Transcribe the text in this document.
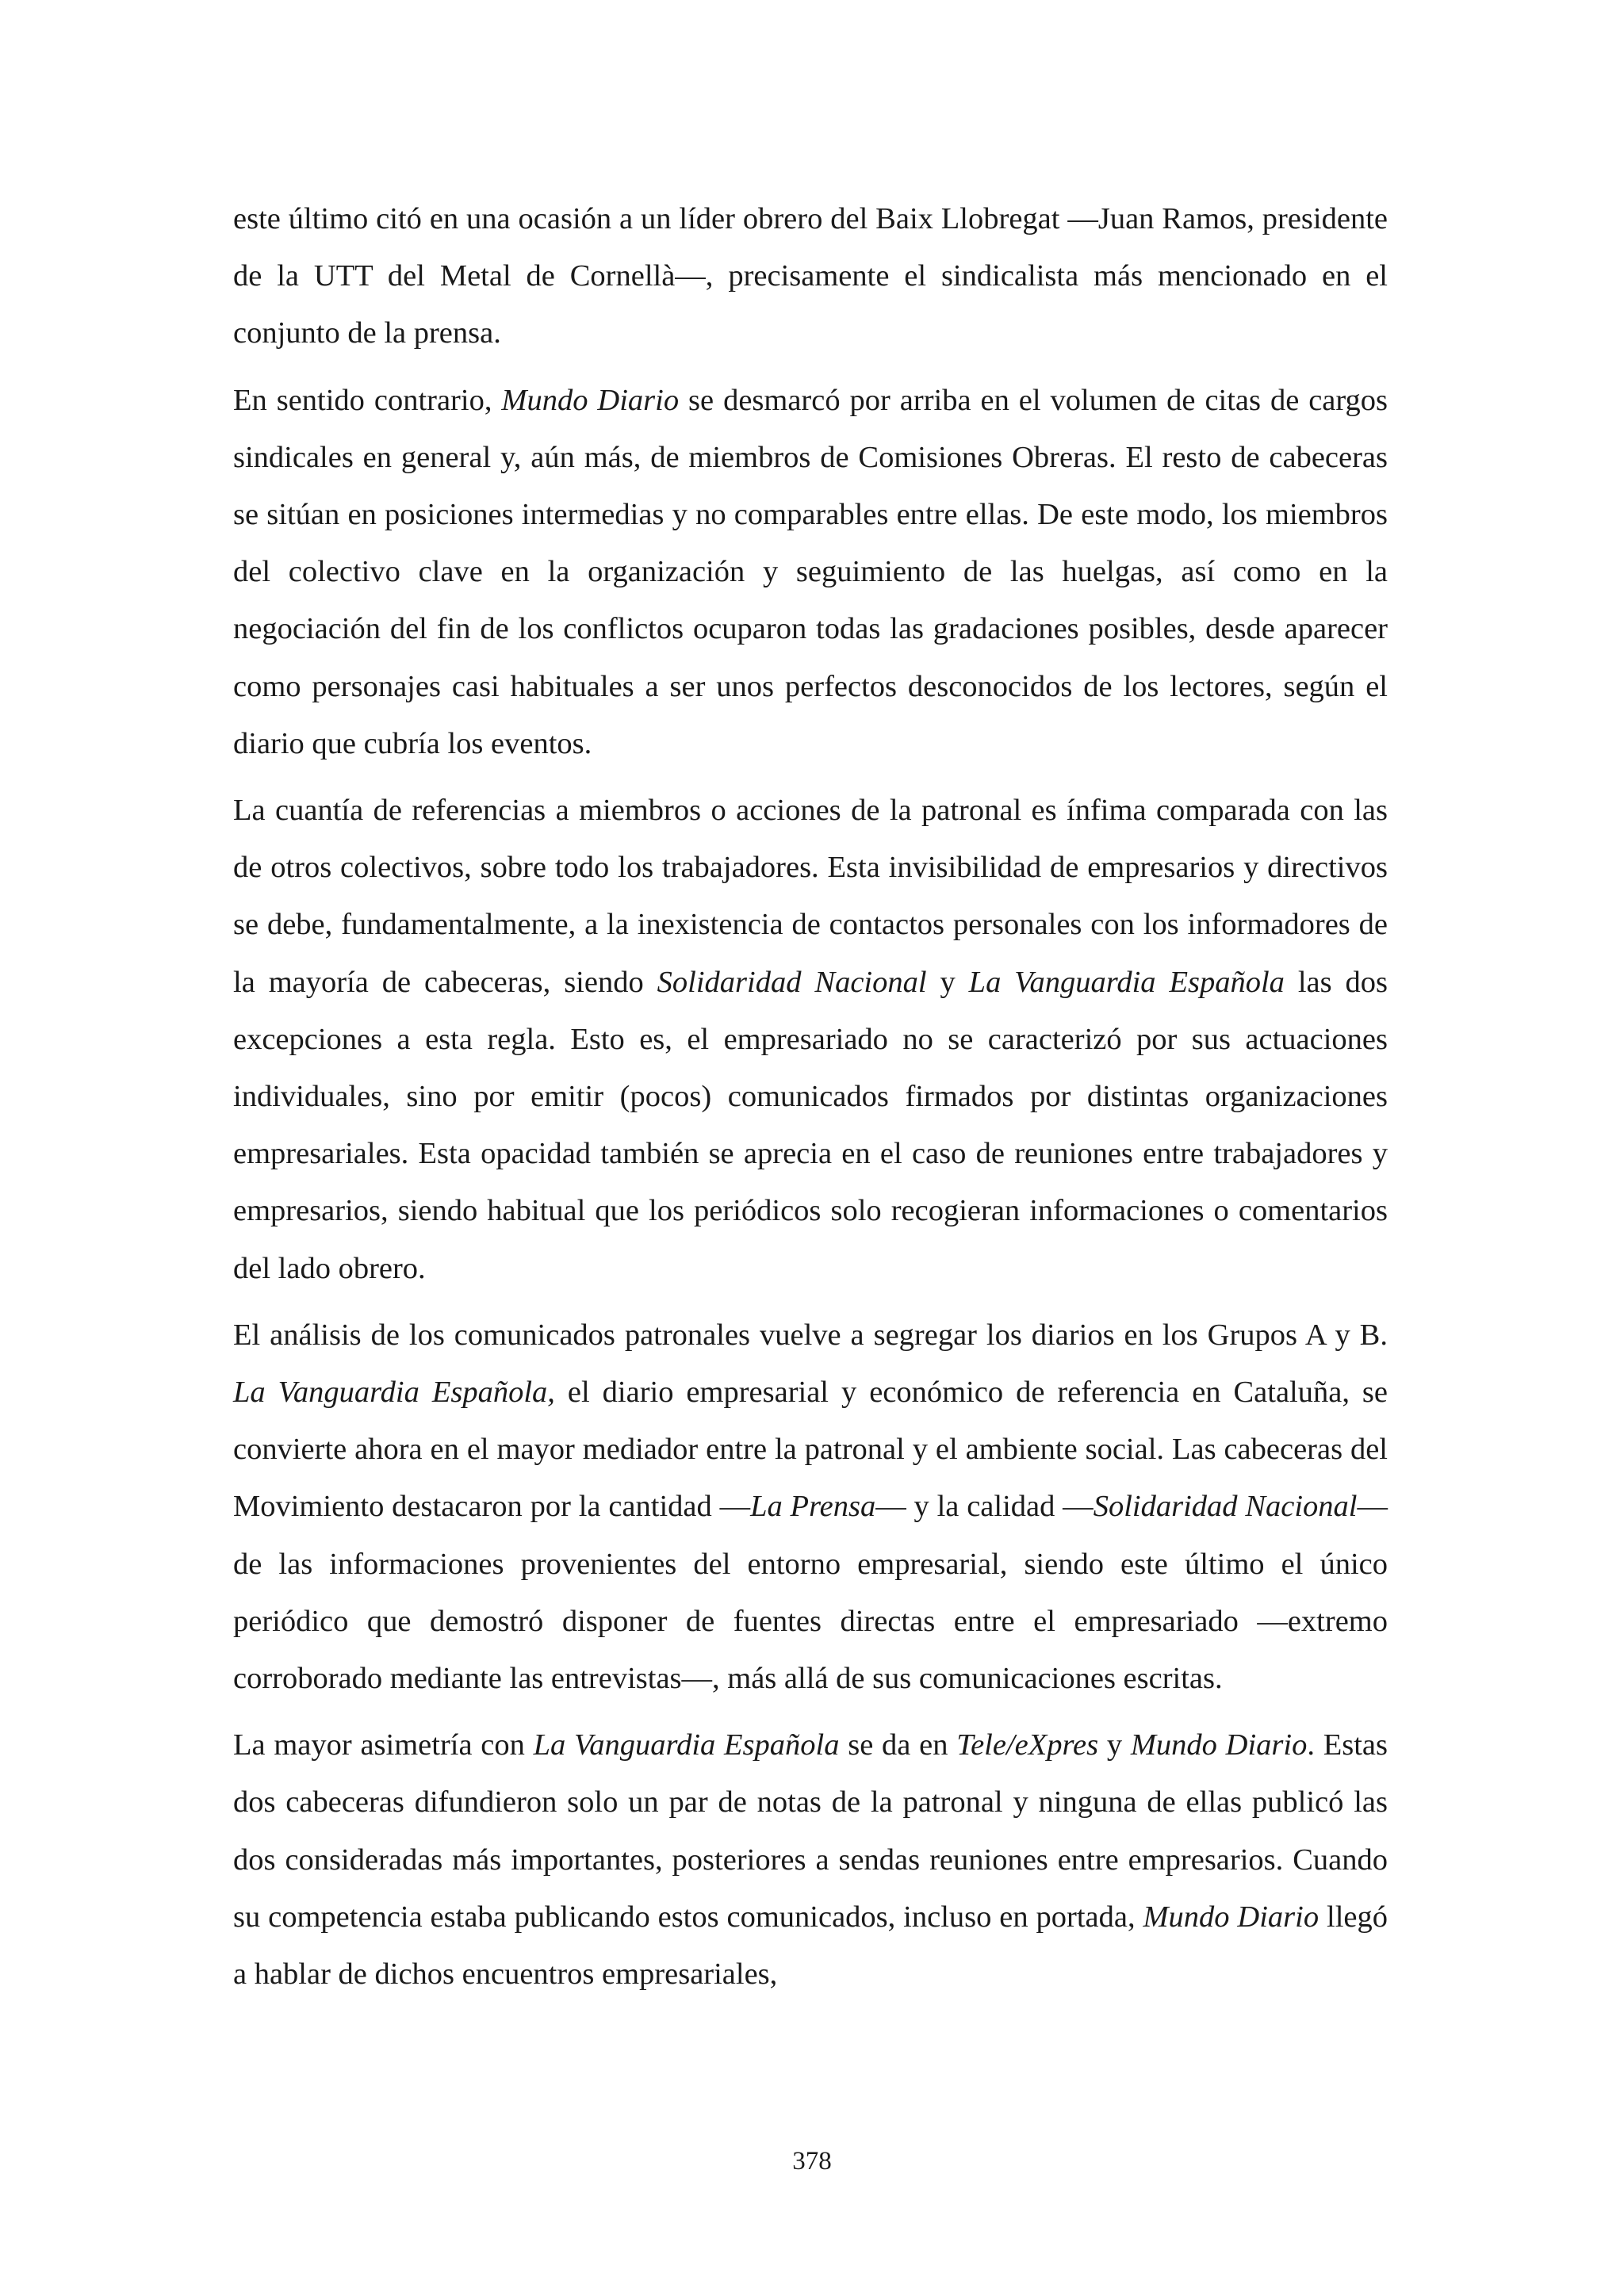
este último citó en una ocasión a un líder obrero del Baix Llobregat —Juan Ramos, presidente de la UTT del Metal de Cornellà—, precisamente el sindicalista más mencionado en el conjunto de la prensa.

En sentido contrario, Mundo Diario se desmarcó por arriba en el volumen de citas de cargos sindicales en general y, aún más, de miembros de Comisiones Obreras. El resto de cabeceras se sitúan en posiciones intermedias y no comparables entre ellas. De este modo, los miembros del colectivo clave en la organización y seguimiento de las huelgas, así como en la negociación del fin de los conflictos ocuparon todas las gradaciones posibles, desde aparecer como personajes casi habituales a ser unos perfectos desconocidos de los lectores, según el diario que cubría los eventos.

La cuantía de referencias a miembros o acciones de la patronal es ínfima comparada con las de otros colectivos, sobre todo los trabajadores. Esta invisibilidad de empresarios y directivos se debe, fundamentalmente, a la inexistencia de contactos personales con los informadores de la mayoría de cabeceras, siendo Solidaridad Nacional y La Vanguardia Española las dos excepciones a esta regla. Esto es, el empresariado no se caracterizó por sus actuaciones individuales, sino por emitir (pocos) comunicados firmados por distintas organizaciones empresariales. Esta opacidad también se aprecia en el caso de reuniones entre trabajadores y empresarios, siendo habitual que los periódicos solo recogieran informaciones o comentarios del lado obrero.

El análisis de los comunicados patronales vuelve a segregar los diarios en los Grupos A y B. La Vanguardia Española, el diario empresarial y económico de referencia en Cataluña, se convierte ahora en el mayor mediador entre la patronal y el ambiente social. Las cabeceras del Movimiento destacaron por la cantidad —La Prensa— y la calidad —Solidaridad Nacional— de las informaciones provenientes del entorno empresarial, siendo este último el único periódico que demostró disponer de fuentes directas entre el empresariado —extremo corroborado mediante las entrevistas—, más allá de sus comunicaciones escritas.

La mayor asimetría con La Vanguardia Española se da en Tele/eXpres y Mundo Diario. Estas dos cabeceras difundieron solo un par de notas de la patronal y ninguna de ellas publicó las dos consideradas más importantes, posteriores a sendas reuniones entre empresarios. Cuando su competencia estaba publicando estos comunicados, incluso en portada, Mundo Diario llegó a hablar de dichos encuentros empresariales,

378
